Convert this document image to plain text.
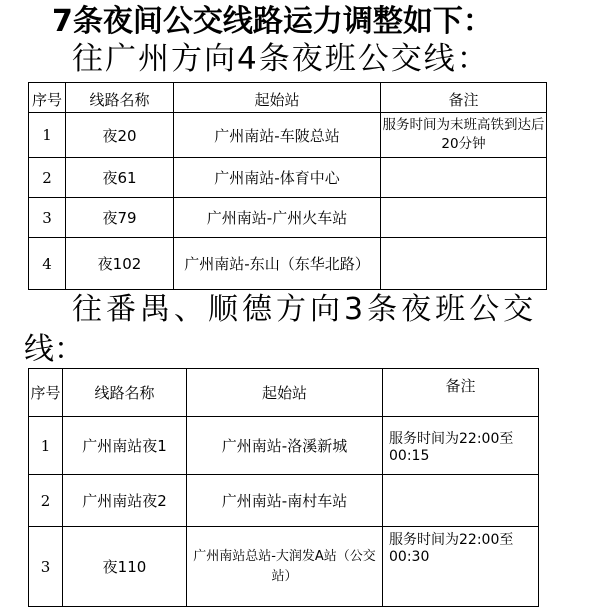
7条夜间公交线路运力调整如下：
往广州方向4条夜班公交线：
序号	线路名称	起始站	备注
1	夜20	广州南站-车陂总站	服务时间为末班高铁到达后20分钟
2	夜61	广州南站-体育中心	
3	夜79	广州南站-广州火车站	
4	夜102	广州南站-东山（东华北路）	
往番禺、顺德方向3条夜班公交
线：
序号	线路名称	起始站	备注
1	广州南站夜1	广州南站-洛溪新城	服务时间为22:00至00:15
2	广州南站夜2	广州南站-南村车站	
3	夜110	广州南站总站-大润发A站（公交站）	服务时间为22:00至00:30
